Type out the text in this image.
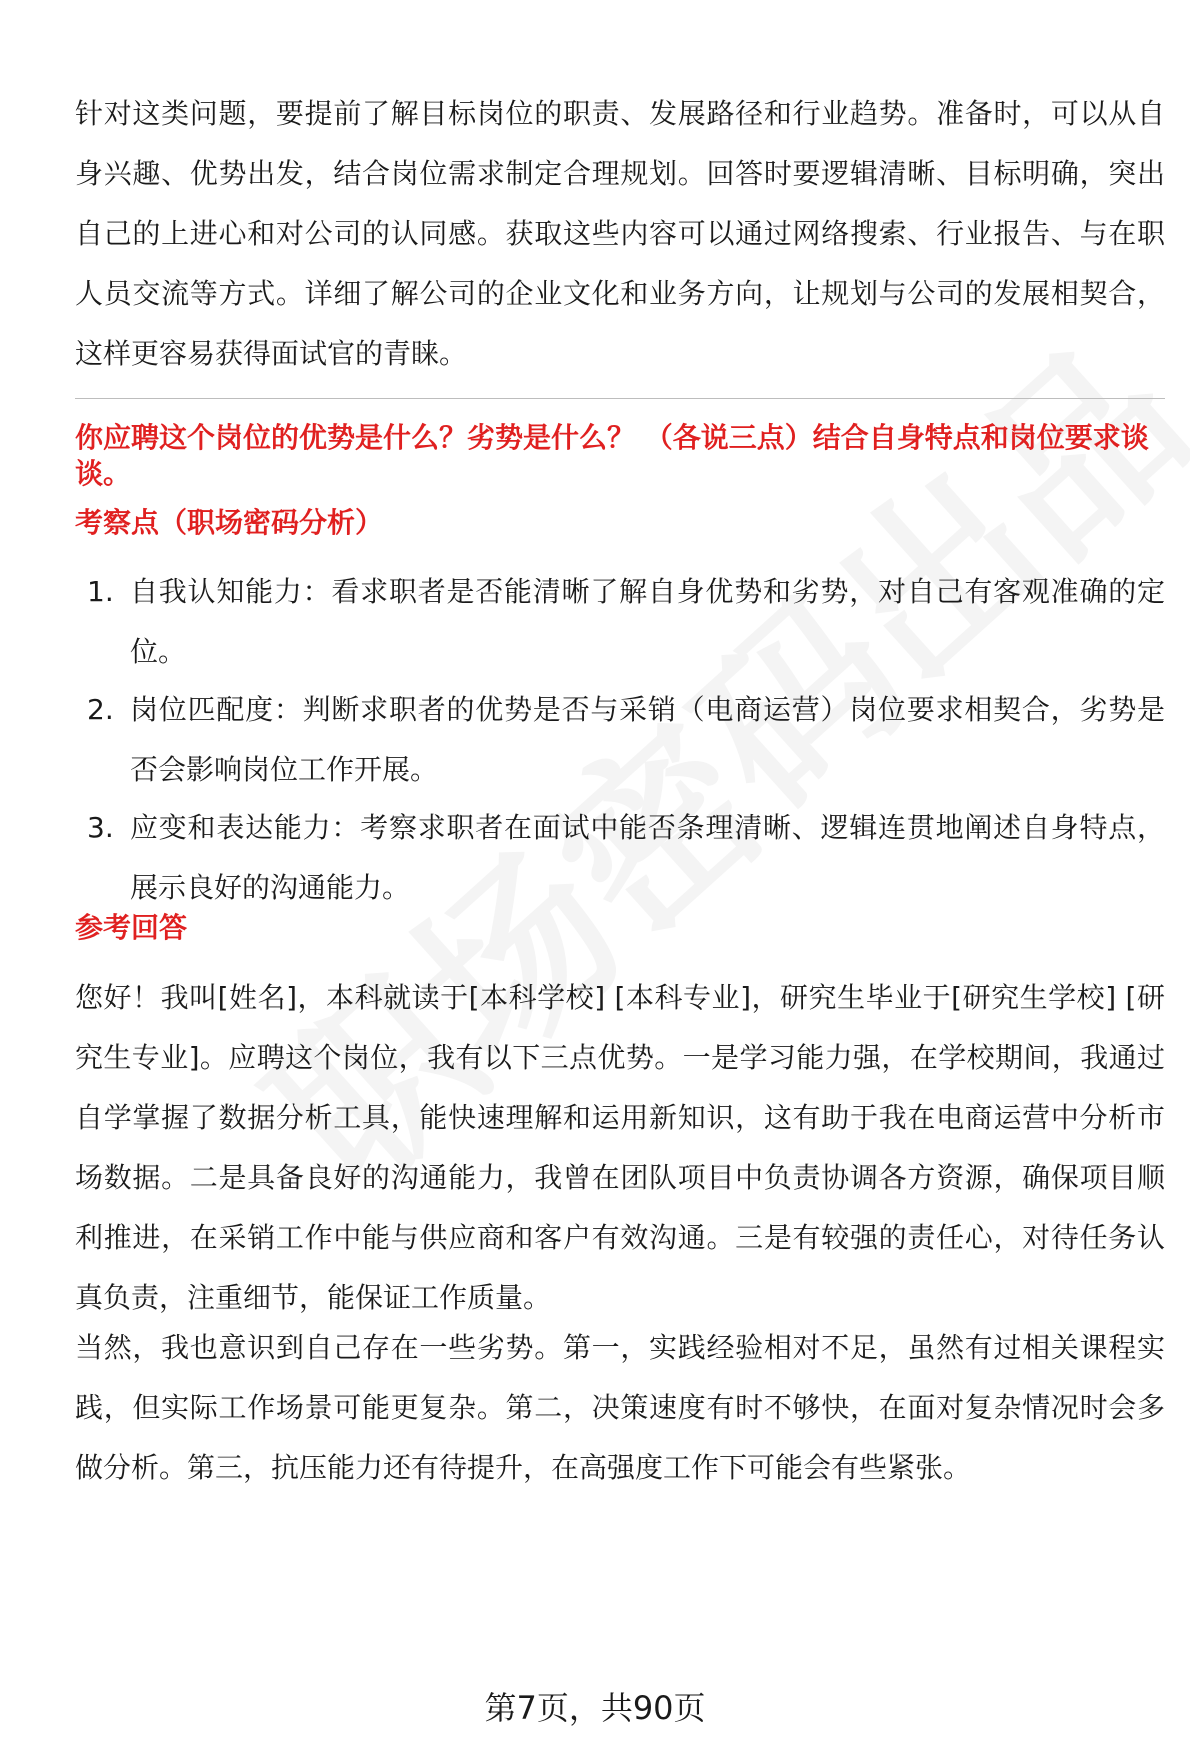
针对这类问题，要提前了解目标岗位的职责、发展路径和行业趋势。准备时，可以从自身兴趣、优势出发，结合岗位需求制定合理规划。回答时要逻辑清晰、目标明确，突出自己的上进心和对公司的认同感。获取这些内容可以通过网络搜索、行业报告、与在职人员交流等方式。详细了解公司的企业文化和业务方向，让规划与公司的发展相契合，这样更容易获得面试官的青睐。

你应聘这个岗位的优势是什么？劣势是什么？ （各说三点）结合自身特点和岗位要求谈谈。

考察点（职场密码分析）

1. 自我认知能力：看求职者是否能清晰了解自身优势和劣势，对自己有客观准确的定位。
2. 岗位匹配度：判断求职者的优势是否与采销（电商运营）岗位要求相契合，劣势是否会影响岗位工作开展。
3. 应变和表达能力：考察求职者在面试中能否条理清晰、逻辑连贯地阐述自身特点，展示良好的沟通能力。

参考回答

您好！我叫[姓名]，本科就读于[本科学校] [本科专业]，研究生毕业于[研究生学校] [研究生专业]。应聘这个岗位，我有以下三点优势。一是学习能力强，在学校期间，我通过自学掌握了数据分析工具，能快速理解和运用新知识，这有助于我在电商运营中分析市场数据。二是具备良好的沟通能力，我曾在团队项目中负责协调各方资源，确保项目顺利推进，在采销工作中能与供应商和客户有效沟通。三是有较强的责任心，对待任务认真负责，注重细节，能保证工作质量。

当然，我也意识到自己存在一些劣势。第一，实践经验相对不足，虽然有过相关课程实践，但实际工作场景可能更复杂。第二，决策速度有时不够快，在面对复杂情况时会多做分析。第三，抗压能力还有待提升，在高强度工作下可能会有些紧张。

第7页，共90页
